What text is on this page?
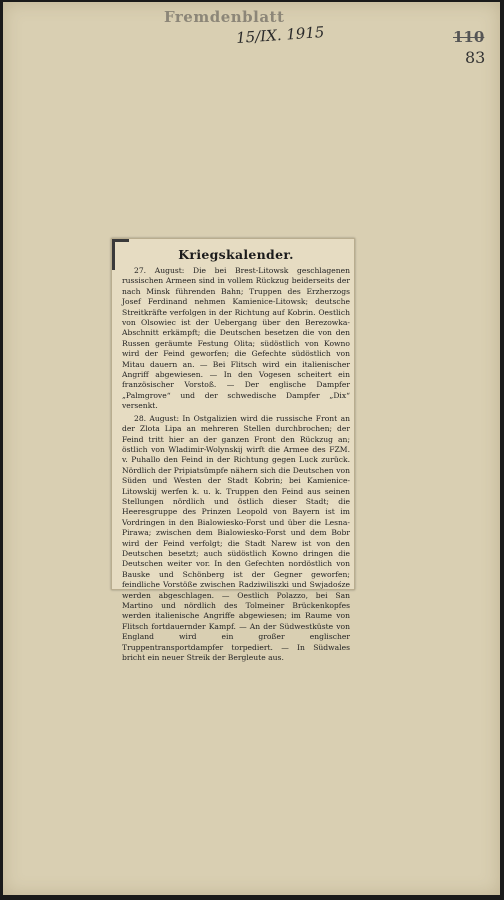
Fremdenblatt
15/IX. 1915	110
83
Kriegskalender.

27. August: Die bei Brest-Litowsk geschlagenen russischen Armeen sind in vollem Rückzug beiderseits der nach Minsk führenden Bahn; Truppen des Erzherzogs Josef Ferdinand nehmen Kamienice-Litowsk; deutsche Streitkräfte verfolgen in der Richtung auf Kobrin. Oestlich von Olsowiec ist der Uebergang über den Berezowka-Abschnitt erkämpft; die Deutschen besetzen die von den Russen geräumte Festung Olita; südöstlich von Kowno wird der Feind geworfen; die Gefechte südöstlich von Mitau dauern an. — Bei Flitsch wird ein italienischer Angriff abgewiesen. — In den Vogesen scheitert ein französischer Vorstoß. — Der englische Dampfer „Palmgrove“ und der schwedische Dampfer „Dix“ versenkt.

28. August: In Ostgalizien wird die russische Front an der Zlota Lipa an mehreren Stellen durchbrochen; der Feind tritt hier an der ganzen Front den Rückzug an; östlich von Wladimir-Wolynskij wirft die Armee des FZM. v. Puhallo den Feind in der Richtung gegen Luck zurück. Nördlich der Pripiatsümpfe nähern sich die Deutschen von Süden und Westen der Stadt Kobrin; bei Kamienice-Litowskij werfen k. u. k. Truppen den Feind aus seinen Stellungen nördlich und östlich dieser Stadt; die Heeresgruppe des Prinzen Leopold von Bayern ist im Vordringen in den Bialowiesko-Forst und über die Lesna-Pirawa; zwischen dem Bialowiesko-Forst und dem Bobr wird der Feind verfolgt; die Stadt Narew ist von den Deutschen besetzt; auch südöstlich Kowno dringen die Deutschen weiter vor. In den Gefechten nordöstlich von Bauske und Schönberg ist der Gegner geworfen; feindliche Vorstöße zwischen Radziwiliszki und Swjadośze werden abgeschlagen. — Oestlich Polazzo, bei San Martino und nördlich des Tolmeiner Brückenkopfes werden italienische Angriffe abgewiesen; im Raume von Flitsch fortdauernder Kampf. — An der Südwestküste von England wird ein großer englischer Truppentransportdampfer torpediert. — In Südwales bricht ein neuer Streik der Bergleute aus.
